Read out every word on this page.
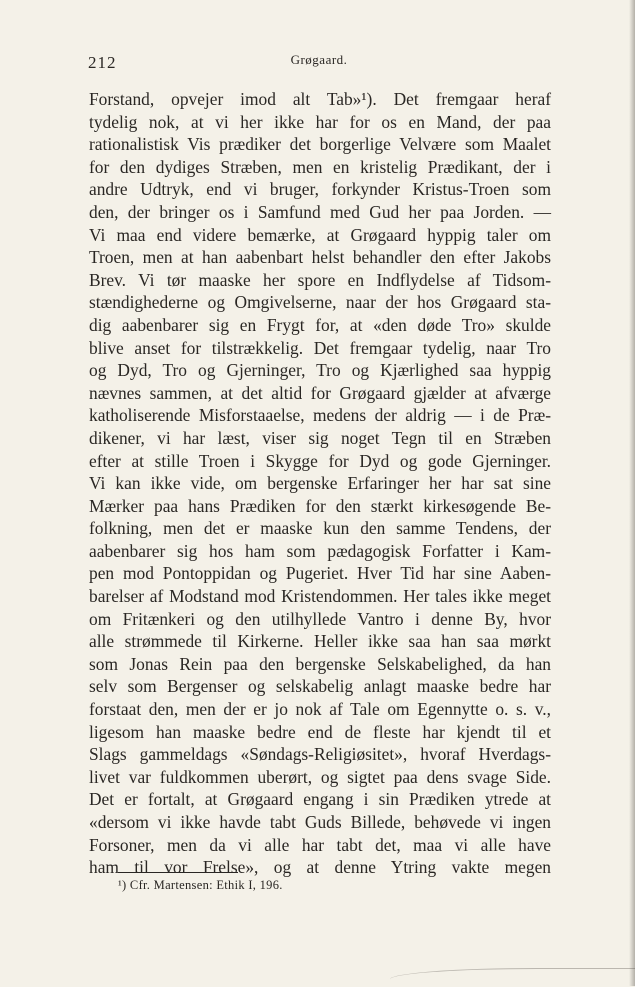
212	Grøgaard.
Forstand, opvejer imod alt Tab»¹). Det fremgaar heraf
tydelig nok, at vi her ikke har for os en Mand, der paa
rationalistisk Vis prædiker det borgerlige Velvære som Maalet
for den dydiges Stræben, men en kristelig Prædikant, der i
andre Udtryk, end vi bruger, forkynder Kristus-Troen som
den, der bringer os i Samfund med Gud her paa Jorden. —
Vi maa end videre bemærke, at Grøgaard hyppig taler om
Troen, men at han aabenbart helst behandler den efter Jakobs
Brev. Vi tør maaske her spore en Indflydelse af Tidsom-
stændighederne og Omgivelserne, naar der hos Grøgaard sta-
dig aabenbarer sig en Frygt for, at «den døde Tro» skulde
blive anset for tilstrækkelig. Det fremgaar tydelig, naar Tro
og Dyd, Tro og Gjerninger, Tro og Kjærlighed saa hyppig
nævnes sammen, at det altid for Grøgaard gjælder at afværge
katholiserende Misforstaaelse, medens der aldrig — i de Præ-
dikener, vi har læst, viser sig noget Tegn til en Stræben
efter at stille Troen i Skygge for Dyd og gode Gjerninger.
Vi kan ikke vide, om bergenske Erfaringer her har sat sine
Mærker paa hans Prædiken for den stærkt kirkesøgende Be-
folkning, men det er maaske kun den samme Tendens, der
aabenbarer sig hos ham som pædagogisk Forfatter i Kam-
pen mod Pontoppidan og Pugeriet. Hver Tid har sine Aaben-
barelser af Modstand mod Kristendommen. Her tales ikke meget
om Fritænkeri og den utilhyllede Vantro i denne By, hvor
alle strømmede til Kirkerne. Heller ikke saa han saa mørkt
som Jonas Rein paa den bergenske Selskabelighed, da han
selv som Bergenser og selskabelig anlagt maaske bedre har
forstaat den, men der er jo nok af Tale om Egennytte o. s. v.,
ligesom han maaske bedre end de fleste har kjendt til et
Slags gammeldags «Søndags-Religiøsitet», hvoraf Hverdags-
livet var fuldkommen uberørt, og sigtet paa dens svage Side.
Det er fortalt, at Grøgaard engang i sin Prædiken ytrede at
«dersom vi ikke havde tabt Guds Billede, behøvede vi ingen
Forsoner, men da vi alle har tabt det, maa vi alle have
ham til vor Frelse», og at denne Ytring vakte megen
¹) Cfr. Martensen: Ethik I, 196.
